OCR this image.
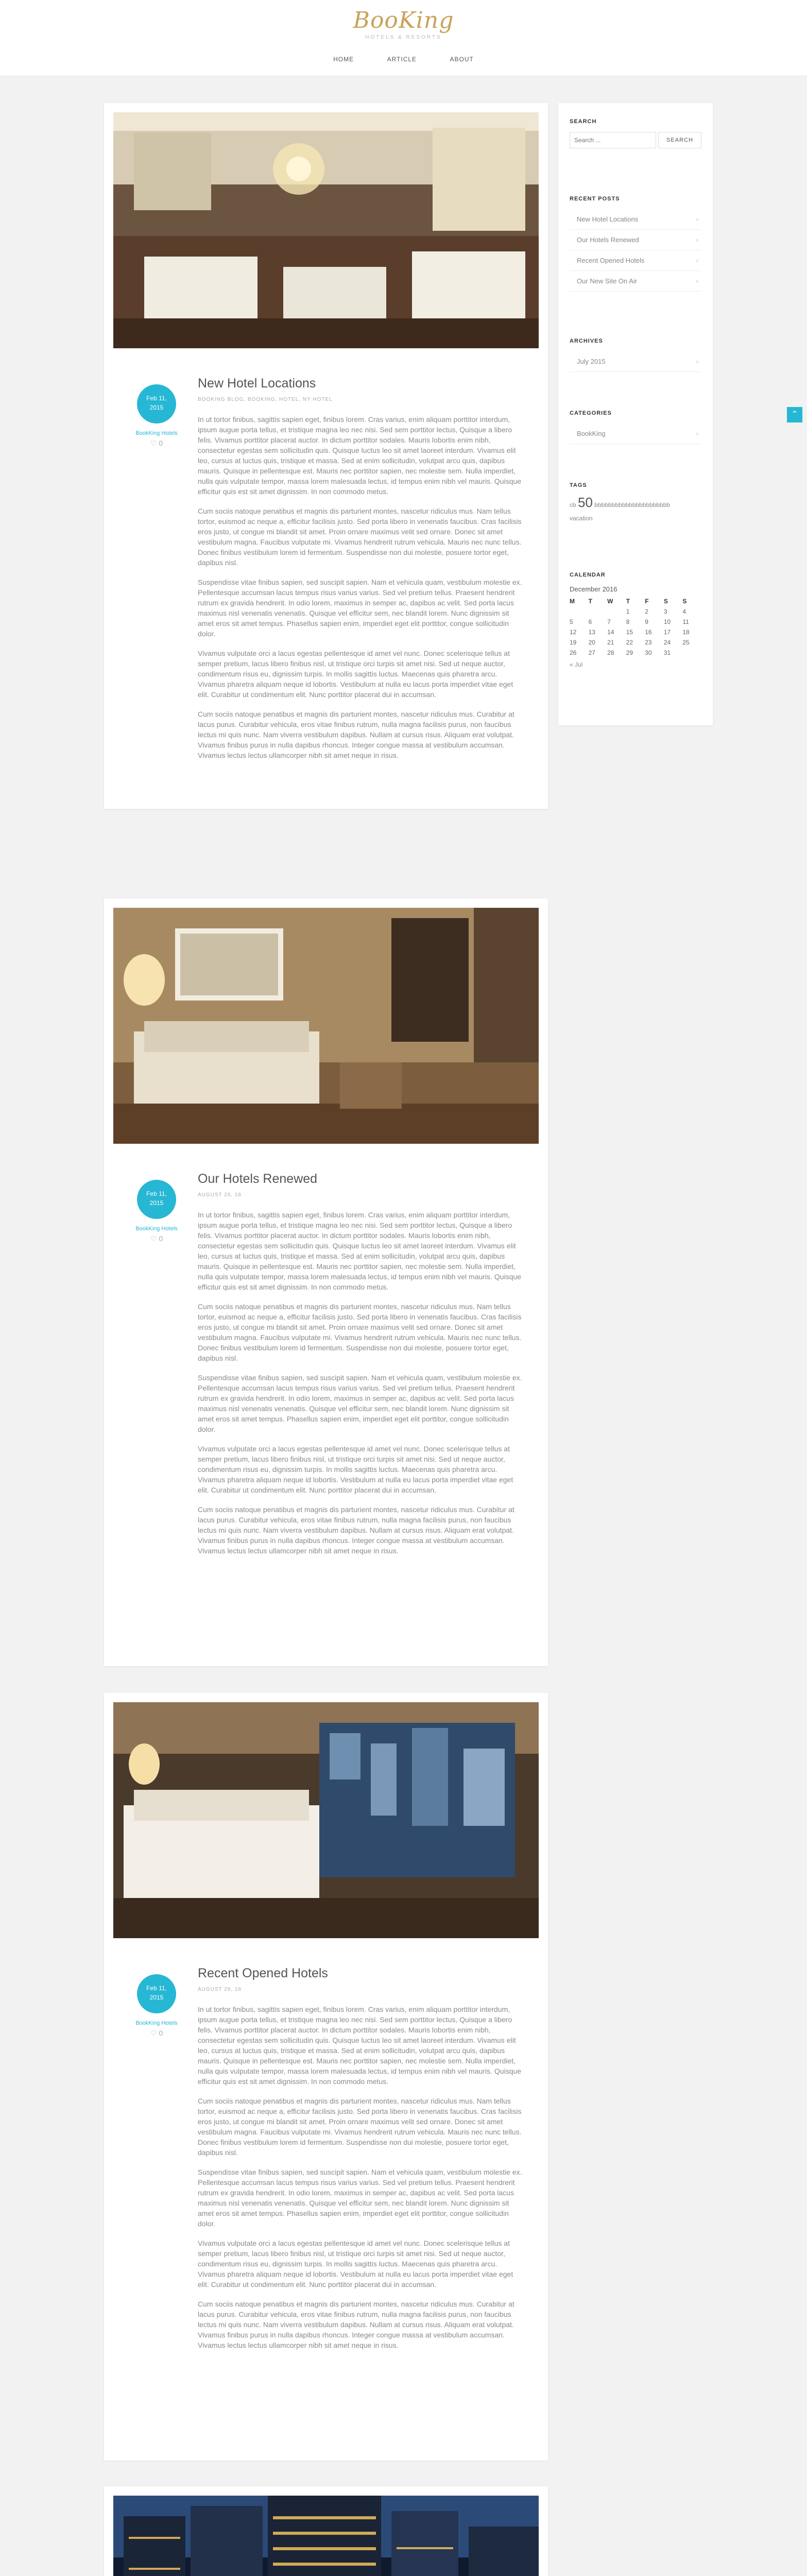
BooKing
HOTELS & RESORTS
HOME	ARTICLE	ABOUT
Feb 11,
2015
BookKing Hotels
♡ 0
New Hotel Locations
BOOKING BLOG, BOOKING, HOTEL, NY HOTEL

In ut tortor finibus, sagittis sapien eget, finibus lorem. Cras varius, enim aliquam porttitor interdum, ipsum augue porta tellus, et tristique magna leo nec nisi. Sed sem porttitor lectus, Quisque a libero felis. Vivamus porttitor placerat auctor. In dictum porttitor sodales. Mauris lobortis enim nibh, consectetur egestas sem sollicitudin quis. Quisque luctus leo sit amet laoreet interdum. Vivamus elit leo, cursus at luctus quis, tristique et massa. Sed at enim sollicitudin, volutpat arcu quis, dapibus mauris. Quisque in pellentesque est. Mauris nec porttitor sapien, nec molestie sem. Nulla imperdiet, nulla quis vulputate tempor, massa lorem malesuada lectus, id tempus enim nibh vel mauris. Quisque efficitur quis est sit amet dignissim. In non commodo metus.

Cum sociis natoque penatibus et magnis dis parturient montes, nascetur ridiculus mus. Nam tellus tortor, euismod ac neque a, efficitur facilisis justo. Sed porta libero in venenatis faucibus. Cras facilisis eros justo, ut congue mi blandit sit amet. Proin ornare maximus velit sed ornare. Donec sit amet vestibulum magna. Faucibus vulputate mi. Vivamus hendrerit rutrum vehicula. Mauris nec nunc tellus. Donec finibus vestibulum lorem id fermentum. Suspendisse non dui molestie, posuere tortor eget, dapibus nisl.

Suspendisse vitae finibus sapien, sed suscipit sapien. Nam et vehicula quam, vestibulum molestie ex. Pellentesque accumsan lacus tempus risus varius varius. Sed vel pretium tellus. Praesent hendrerit rutrum ex gravida hendrerit. In odio lorem, maximus in semper ac, dapibus ac velit. Sed porta lacus maximus nisl venenatis venenatis. Quisque vel efficitur sem, nec blandit lorem. Nunc dignissim sit amet eros sit amet tempus. Phasellus sapien enim, imperdiet eget elit porttitor, congue sollicitudin dolor.

Vivamus vulputate orci a lacus egestas pellentesque id amet vel nunc. Donec scelerisque tellus at semper pretium, lacus libero finibus nisl, ut tristique orci turpis sit amet nisi. Sed ut neque auctor, condimentum risus eu, dignissim turpis. In mollis sagittis luctus. Maecenas quis pharetra arcu. Vivamus pharetra aliquam neque id lobortis. Vestibulum at nulla eu lacus porta imperdiet vitae eget elit. Curabitur ut condimentum elit. Nunc porttitor placerat dui in accumsan.

Cum sociis natoque penatibus et magnis dis parturient montes, nascetur ridiculus mus. Curabitur at lacus purus. Curabitur vehicula, eros vitae finibus rutrum, nulla magna facilisis purus, non faucibus lectus mi quis nunc. Nam viverra vestibulum dapibus. Nullam at cursus risus. Aliquam erat volutpat. Vivamus finibus purus in nulla dapibus rhoncus. Integer congue massa at vestibulum accumsan. Vivamus lectus lectus ullamcorper nibh sit amet neque in risus.

Feb 11,
2015
BookKing Hotels
♡ 0
Our Hotels Renewed
AUGUST 26, 16

In ut tortor finibus, sagittis sapien eget, finibus lorem. Cras varius, enim aliquam porttitor interdum, ipsum augue porta tellus, et tristique magna leo nec nisi. Sed sem porttitor lectus, Quisque a libero felis. Vivamus porttitor placerat auctor. In dictum porttitor sodales. Mauris lobortis enim nibh, consectetur egestas sem sollicitudin quis. Quisque luctus leo sit amet laoreet interdum. Vivamus elit leo, cursus at luctus quis, tristique et massa. Sed at enim sollicitudin, volutpat arcu quis, dapibus mauris. Quisque in pellentesque est. Mauris nec porttitor sapien, nec molestie sem. Nulla imperdiet, nulla quis vulputate tempor, massa lorem malesuada lectus, id tempus enim nibh vel mauris. Quisque efficitur quis est sit amet dignissim. In non commodo metus.

Cum sociis natoque penatibus et magnis dis parturient montes, nascetur ridiculus mus. Nam tellus tortor, euismod ac neque a, efficitur facilisis justo. Sed porta libero in venenatis faucibus. Cras facilisis eros justo, ut congue mi blandit sit amet. Proin ornare maximus velit sed ornare. Donec sit amet vestibulum magna. Faucibus vulputate mi. Vivamus hendrerit rutrum vehicula. Mauris nec nunc tellus. Donec finibus vestibulum lorem id fermentum. Suspendisse non dui molestie, posuere tortor eget, dapibus nisl.

Suspendisse vitae finibus sapien, sed suscipit sapien. Nam et vehicula quam, vestibulum molestie ex. Pellentesque accumsan lacus tempus risus varius varius. Sed vel pretium tellus. Praesent hendrerit rutrum ex gravida hendrerit. In odio lorem, maximus in semper ac, dapibus ac velit. Sed porta lacus maximus nisl venenatis venenatis. Quisque vel efficitur sem, nec blandit lorem. Nunc dignissim sit amet eros sit amet tempus. Phasellus sapien enim, imperdiet eget elit porttitor, congue sollicitudin dolor.

Vivamus vulputate orci a lacus egestas pellentesque id amet vel nunc. Donec scelerisque tellus at semper pretium, lacus libero finibus nisl, ut tristique orci turpis sit amet nisi. Sed ut neque auctor, condimentum risus eu, dignissim turpis. In mollis sagittis luctus. Maecenas quis pharetra arcu. Vivamus pharetra aliquam neque id lobortis. Vestibulum at nulla eu lacus porta imperdiet vitae eget elit. Curabitur ut condimentum elit. Nunc porttitor placerat dui in accumsan.

Cum sociis natoque penatibus et magnis dis parturient montes, nascetur ridiculus mus. Curabitur at lacus purus. Curabitur vehicula, eros vitae finibus rutrum, nulla magna facilisis purus, non faucibus lectus mi quis nunc. Nam viverra vestibulum dapibus. Nullam at cursus risus. Aliquam erat volutpat. Vivamus finibus purus in nulla dapibus rhoncus. Integer congue massa at vestibulum accumsan. Vivamus lectus lectus ullamcorper nibh sit amet neque in risus.

Feb 11,
2015
BookKing Hotels
♡ 0
Recent Opened Hotels
AUGUST 26, 16

In ut tortor finibus, sagittis sapien eget, finibus lorem. Cras varius, enim aliquam porttitor interdum, ipsum augue porta tellus, et tristique magna leo nec nisi. Sed sem porttitor lectus, Quisque a libero felis. Vivamus porttitor placerat auctor. In dictum porttitor sodales. Mauris lobortis enim nibh, consectetur egestas sem sollicitudin quis. Quisque luctus leo sit amet laoreet interdum. Vivamus elit leo, cursus at luctus quis, tristique et massa. Sed at enim sollicitudin, volutpat arcu quis, dapibus mauris. Quisque in pellentesque est. Mauris nec porttitor sapien, nec molestie sem. Nulla imperdiet, nulla quis vulputate tempor, massa lorem malesuada lectus, id tempus enim nibh vel mauris. Quisque efficitur quis est sit amet dignissim. In non commodo metus.

Cum sociis natoque penatibus et magnis dis parturient montes, nascetur ridiculus mus. Nam tellus tortor, euismod ac neque a, efficitur facilisis justo. Sed porta libero in venenatis faucibus. Cras facilisis eros justo, ut congue mi blandit sit amet. Proin ornare maximus velit sed ornare. Donec sit amet vestibulum magna. Faucibus vulputate mi. Vivamus hendrerit rutrum vehicula. Mauris nec nunc tellus. Donec finibus vestibulum lorem id fermentum. Suspendisse non dui molestie, posuere tortor eget, dapibus nisl.

Suspendisse vitae finibus sapien, sed suscipit sapien. Nam et vehicula quam, vestibulum molestie ex. Pellentesque accumsan lacus tempus risus varius varius. Sed vel pretium tellus. Praesent hendrerit rutrum ex gravida hendrerit. In odio lorem, maximus in semper ac, dapibus ac velit. Sed porta lacus maximus nisl venenatis venenatis. Quisque vel efficitur sem, nec blandit lorem. Nunc dignissim sit amet eros sit amet tempus. Phasellus sapien enim, imperdiet eget elit porttitor, congue sollicitudin dolor.

Vivamus vulputate orci a lacus egestas pellentesque id amet vel nunc. Donec scelerisque tellus at semper pretium, lacus libero finibus nisl, ut tristique orci turpis sit amet nisi. Sed ut neque auctor, condimentum risus eu, dignissim turpis. In mollis sagittis luctus. Maecenas quis pharetra arcu. Vivamus pharetra aliquam neque id lobortis. Vestibulum at nulla eu lacus porta imperdiet vitae eget elit. Curabitur ut condimentum elit. Nunc porttitor placerat dui in accumsan.

Cum sociis natoque penatibus et magnis dis parturient montes, nascetur ridiculus mus. Curabitur at lacus purus. Curabitur vehicula, eros vitae finibus rutrum, nulla magna facilisis purus, non faucibus lectus mi quis nunc. Nam viverra vestibulum dapibus. Nullam at cursus risus. Aliquam erat volutpat. Vivamus finibus purus in nulla dapibus rhoncus. Integer congue massa at vestibulum accumsan. Vivamus lectus lectus ullamcorper nibh sit amet neque in risus.

SEARCH
Search ...
SEARCH
RECENT POSTS
New Hotel Locations ›
Our Hotels Renewed ›
Recent Opened Hotels ›
Our New Site On Air ›
ARCHIVES
July 2015 ›
CATEGORIES
BookKing ›
TAGS
cb 50 bbbbbbbbbbbbbbbbbbbbbb
vacation
CALENDAR
December 2016
M	T	W	T	F	S	S
			1	2	3	4
5	6	7	8	9	10	11
12	13	14	15	16	17	18
19	20	21	22	23	24	25
26	27	28	29	30	31	
« Jul
⌃
